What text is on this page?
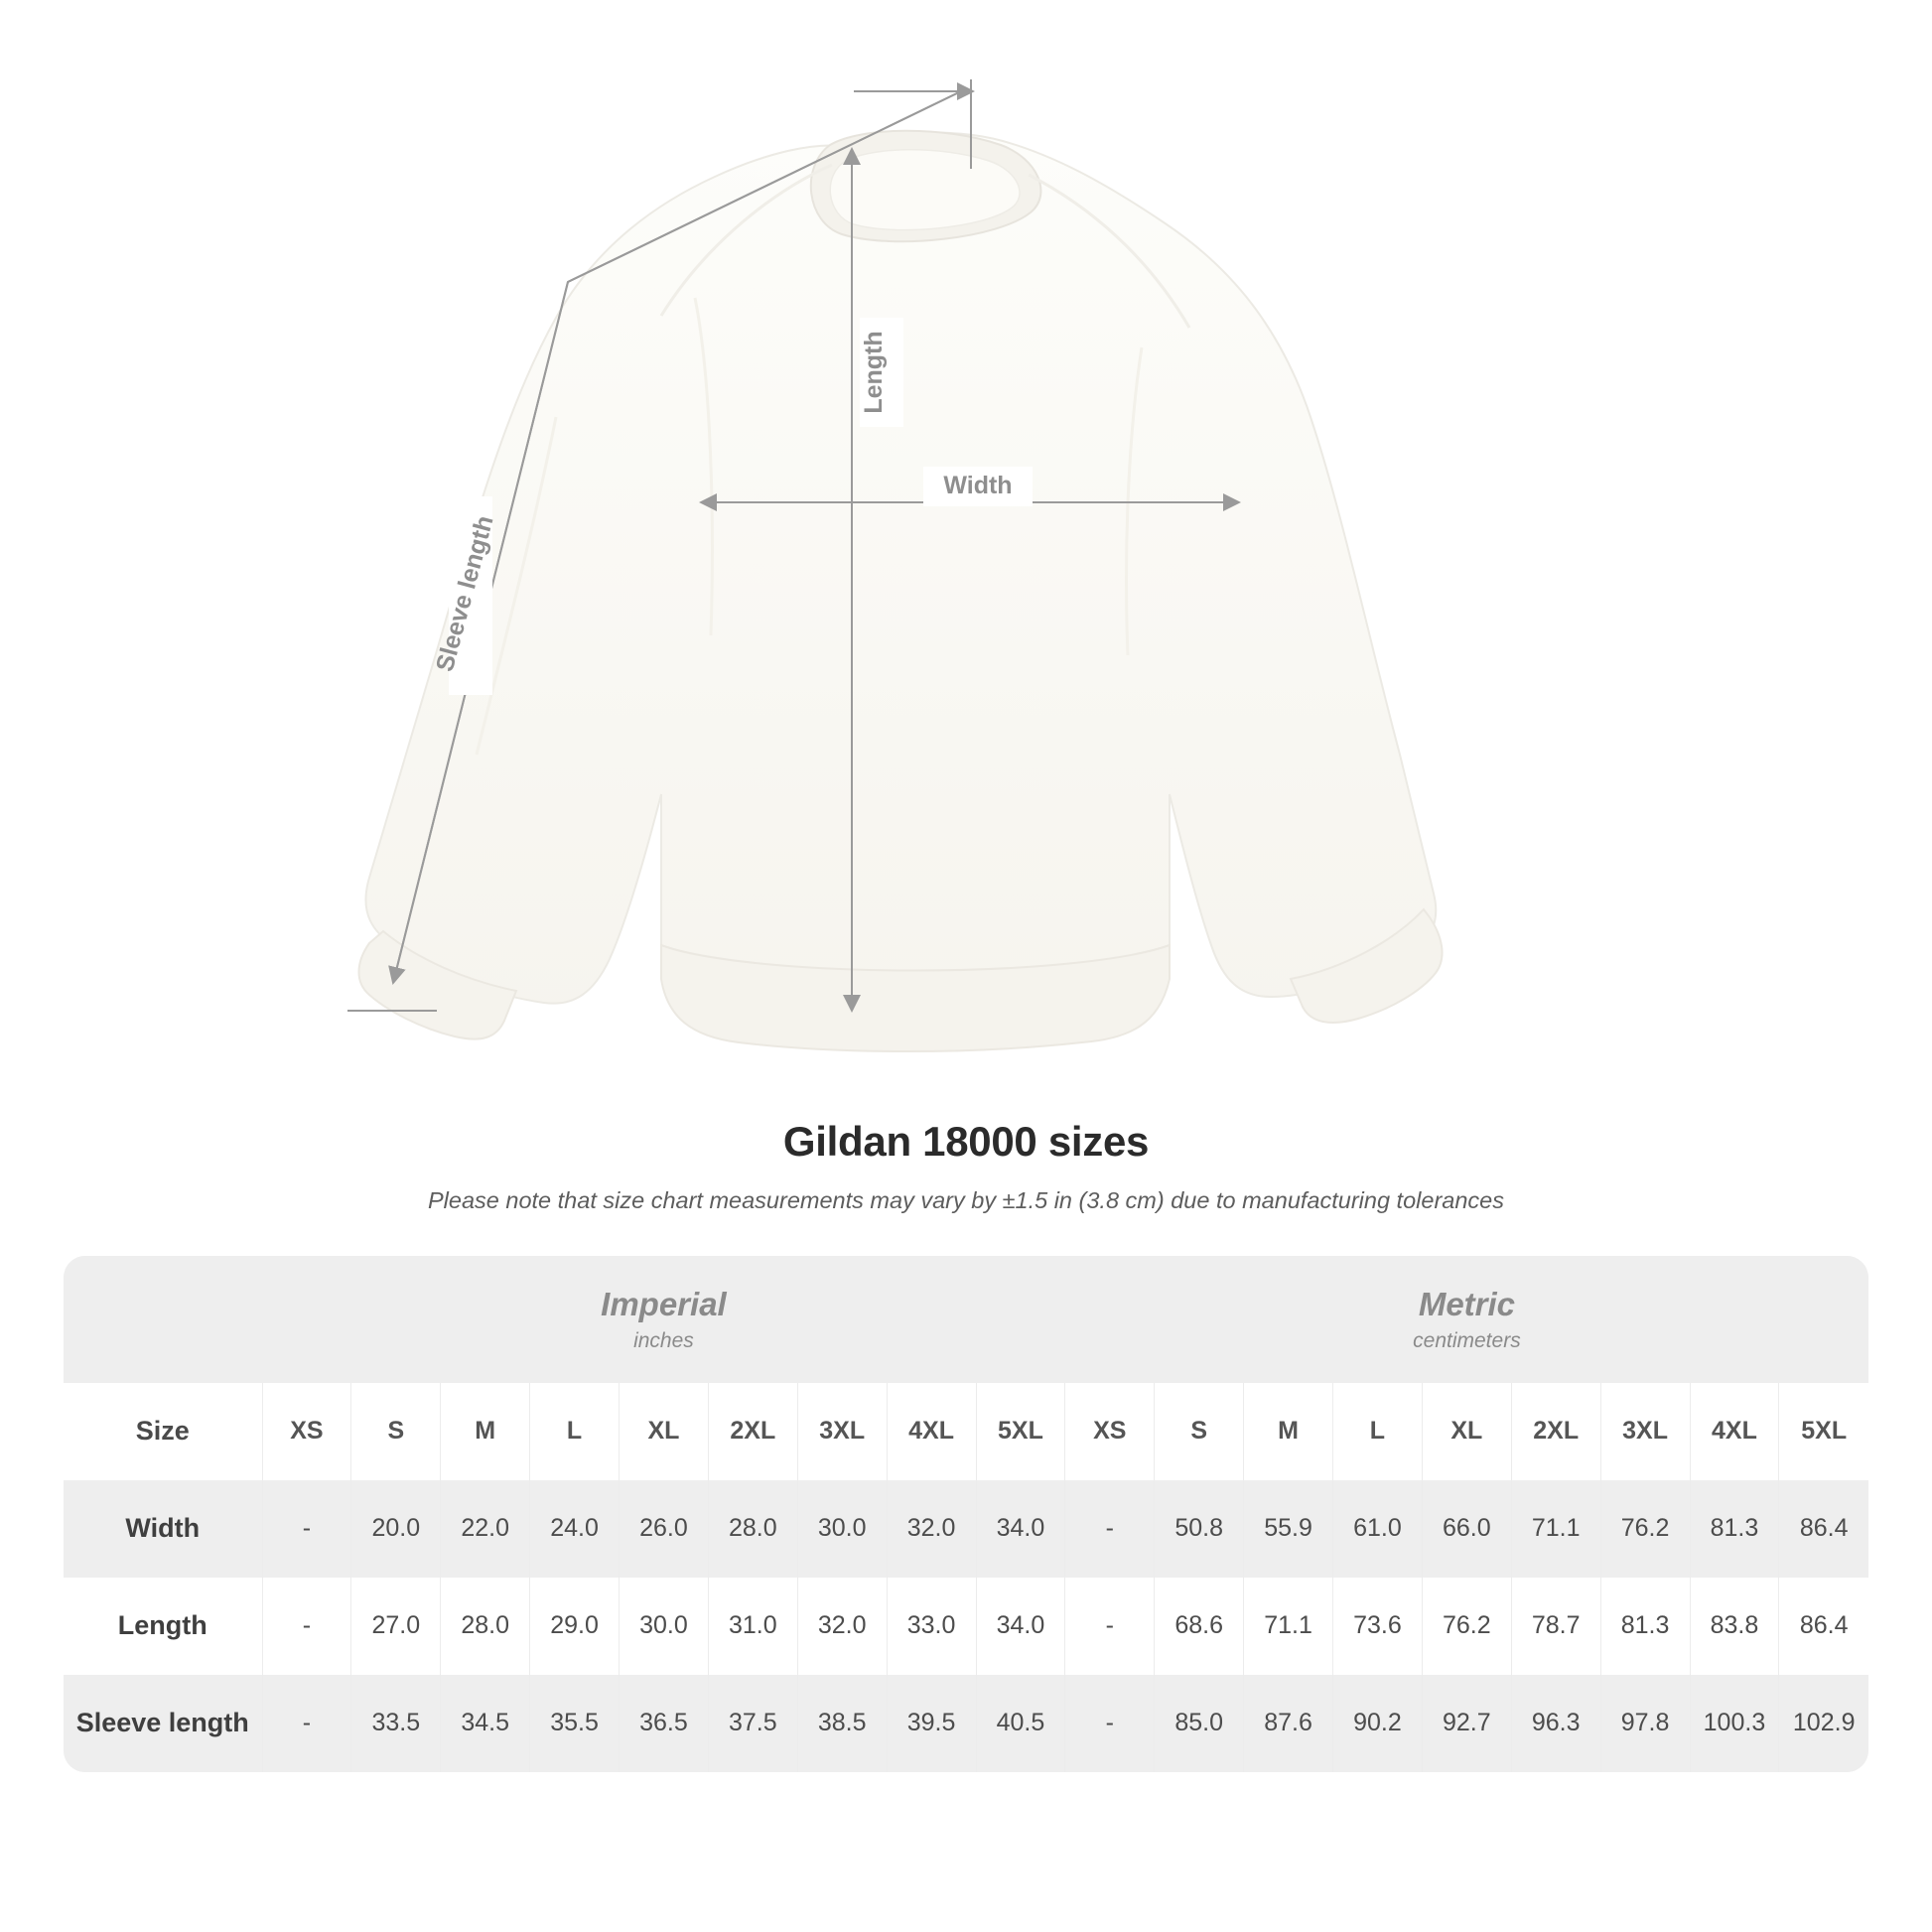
Length
Width
Sleeve length
Gildan 18000 sizes

Please note that size chart measurements may vary by ±1.5 in (3.8 cm) due to manufacturing tolerances

Imperial
inches

Metric
centimeters

Size	XS	S	M	L	XL	2XL	3XL	4XL	5XL	XS	S	M	L	XL	2XL	3XL	4XL	5XL
Width	-	20.0	22.0	24.0	26.0	28.0	30.0	32.0	34.0	-	50.8	55.9	61.0	66.0	71.1	76.2	81.3	86.4
Length	-	27.0	28.0	29.0	30.0	31.0	32.0	33.0	34.0	-	68.6	71.1	73.6	76.2	78.7	81.3	83.8	86.4
Sleeve length	-	33.5	34.5	35.5	36.5	37.5	38.5	39.5	40.5	-	85.0	87.6	90.2	92.7	96.3	97.8	100.3	102.9
